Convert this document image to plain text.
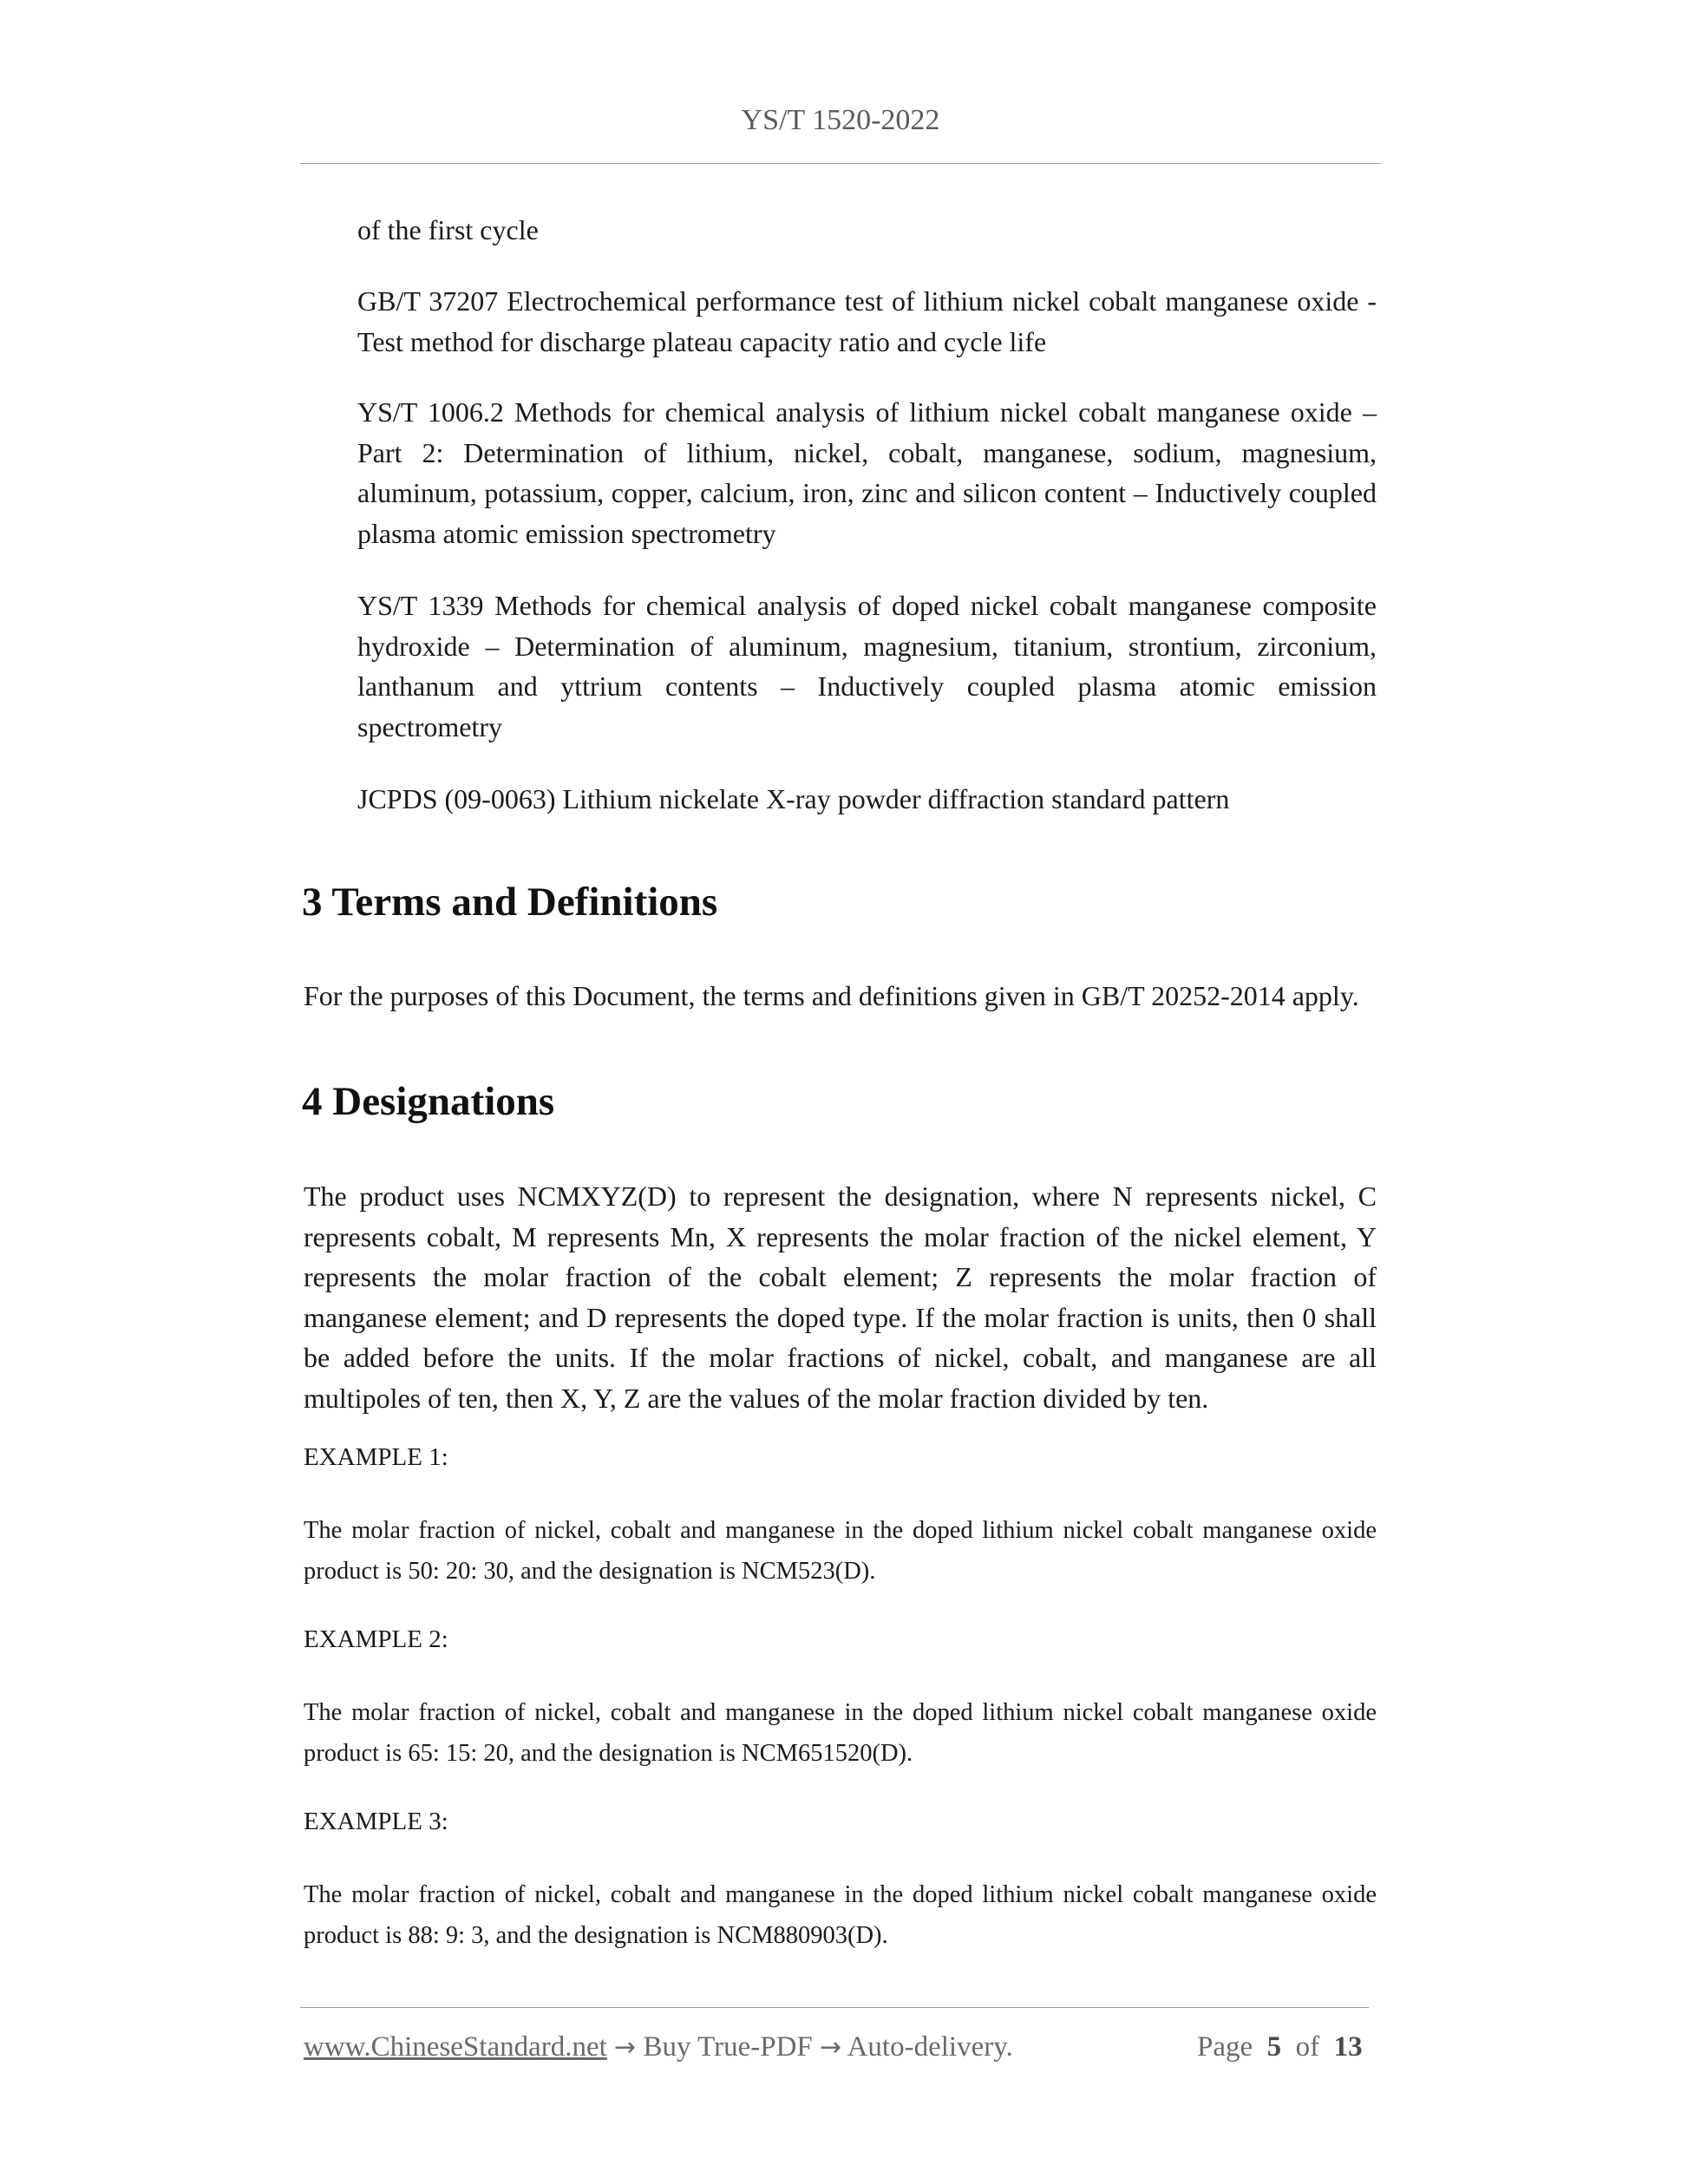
YS/T 1520-2022

of the first cycle

GB/T 37207 Electrochemical performance test of lithium nickel cobalt manganese oxide - Test method for discharge plateau capacity ratio and cycle life

YS/T 1006.2 Methods for chemical analysis of lithium nickel cobalt manganese oxide – Part 2: Determination of lithium, nickel, cobalt, manganese, sodium, magnesium, aluminum, potassium, copper, calcium, iron, zinc and silicon content – Inductively coupled plasma atomic emission spectrometry

YS/T 1339 Methods for chemical analysis of doped nickel cobalt manganese composite hydroxide – Determination of aluminum, magnesium, titanium, strontium, zirconium, lanthanum and yttrium contents – Inductively coupled plasma atomic emission spectrometry

JCPDS (09-0063) Lithium nickelate X-ray powder diffraction standard pattern

3 Terms and Definitions

For the purposes of this Document, the terms and definitions given in GB/T 20252-2014 apply.

4 Designations

The product uses NCMXYZ(D) to represent the designation, where N represents nickel, C represents cobalt, M represents Mn, X represents the molar fraction of the nickel element, Y represents the molar fraction of the cobalt element; Z represents the molar fraction of manganese element; and D represents the doped type. If the molar fraction is units, then 0 shall be added before the units. If the molar fractions of nickel, cobalt, and manganese are all multipoles of ten, then X, Y, Z are the values of the molar fraction divided by ten.

EXAMPLE 1:

The molar fraction of nickel, cobalt and manganese in the doped lithium nickel cobalt manganese oxide product is 50: 20: 30, and the designation is NCM523(D).

EXAMPLE 2:

The molar fraction of nickel, cobalt and manganese in the doped lithium nickel cobalt manganese oxide product is 65: 15: 20, and the designation is NCM651520(D).

EXAMPLE 3:

The molar fraction of nickel, cobalt and manganese in the doped lithium nickel cobalt manganese oxide product is 88: 9: 3, and the designation is NCM880903(D).

www.ChineseStandard.net → Buy True-PDF → Auto-delivery.	Page 5 of 13
